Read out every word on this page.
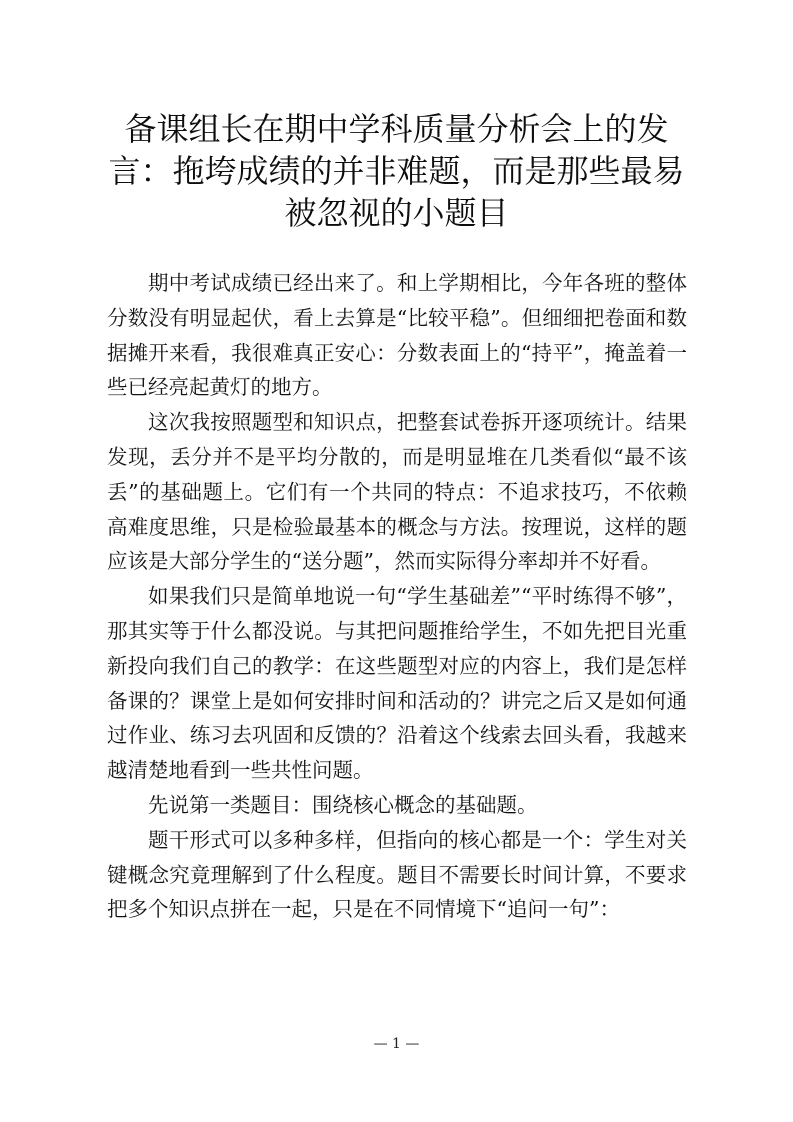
备课组长在期中学科质量分析会上的发言：拖垮成绩的并非难题，而是那些最易被忽视的小题目

期中考试成绩已经出来了。和上学期相比，今年各班的整体分数没有明显起伏，看上去算是“比较平稳”。但细细把卷面和数据摊开来看，我很难真正安心：分数表面上的“持平”，掩盖着一些已经亮起黄灯的地方。

这次我按照题型和知识点，把整套试卷拆开逐项统计。结果发现，丢分并不是平均分散的，而是明显堆在几类看似“最不该丢”的基础题上。它们有一个共同的特点：不追求技巧，不依赖高难度思维，只是检验最基本的概念与方法。按理说，这样的题应该是大部分学生的“送分题”，然而实际得分率却并不好看。

如果我们只是简单地说一句“学生基础差”“平时练得不够”，那其实等于什么都没说。与其把问题推给学生，不如先把目光重新投向我们自己的教学：在这些题型对应的内容上，我们是怎样备课的？课堂上是如何安排时间和活动的？讲完之后又是如何通过作业、练习去巩固和反馈的？沿着这个线索去回头看，我越来越清楚地看到一些共性问题。

先说第一类题目：围绕核心概念的基础题。

题干形式可以多种多样，但指向的核心都是一个：学生对关键概念究竟理解到了什么程度。题目不需要长时间计算，不要求把多个知识点拼在一起，只是在不同情境下“追问一句”：

— 1 —
